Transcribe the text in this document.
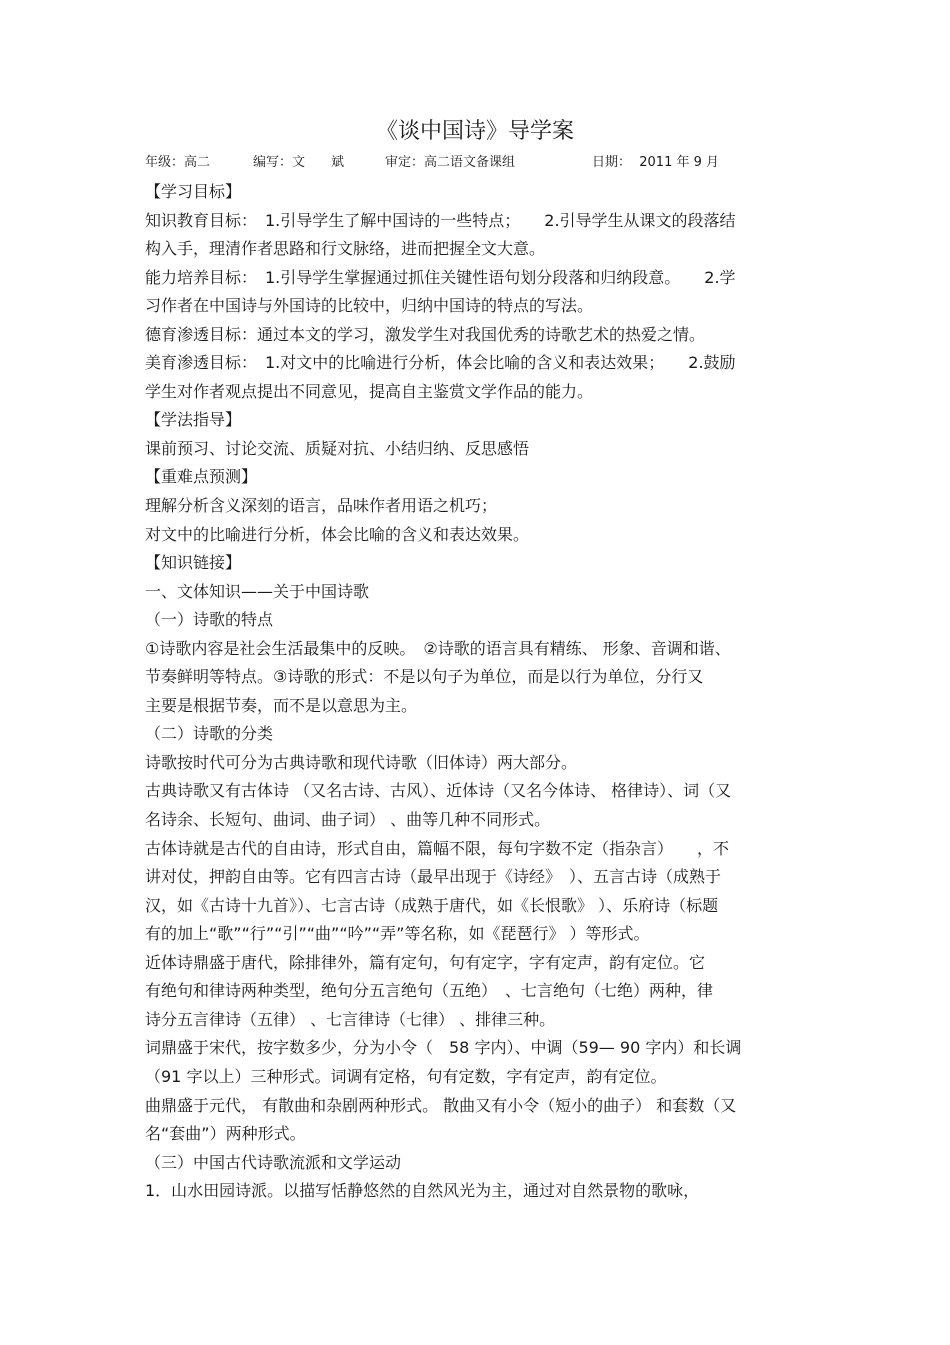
《谈中国诗》导学案

年级：高二

	编写：文　　斌

	审定：高二语文备课组

	日期：  2011 年 9 月

【学习目标】
知识教育目标：　1.引导学生了解中国诗的一些特点；　　2.引导学生从课文的段落结
构入手，理清作者思路和行文脉络，进而把握全文大意。
能力培养目标：　1.引导学生掌握通过抓住关键性语句划分段落和归纳段意。　　2.学
习作者在中国诗与外国诗的比较中，归纳中国诗的特点的写法。
德育渗透目标：通过本文的学习，激发学生对我国优秀的诗歌艺术的热爱之情。
美育渗透目标：　1.对文中的比喻进行分析，体会比喻的含义和表达效果；　　2.鼓励
学生对作者观点提出不同意见，提高自主鉴赏文学作品的能力。
【学法指导】
课前预习、讨论交流、质疑对抗、小结归纳、反思感悟
【重难点预测】
理解分析含义深刻的语言，品味作者用语之机巧；
对文中的比喻进行分析，体会比喻的含义和表达效果。
【知识链接】
一、文体知识——关于中国诗歌
（一）诗歌的特点
①诗歌内容是社会生活最集中的反映。　②诗歌的语言具有精练、 形象、音调和谐、
节奏鲜明等特点。③诗歌的形式：不是以句子为单位，而是以行为单位，分行又
主要是根据节奏，而不是以意思为主。
（二）诗歌的分类
诗歌按时代可分为古典诗歌和现代诗歌（旧体诗）两大部分。
古典诗歌又有古体诗 （又名古诗、古风）、近体诗（又名今体诗、 格律诗）、词（又
名诗余、长短句、曲词、曲子词） 、曲等几种不同形式。
古体诗就是古代的自由诗，形式自由，篇幅不限，每句字数不定（指杂言）　　，不
讲对仗，押韵自由等。它有四言古诗（最早出现于《诗经》　）、五言古诗（成熟于
汉，如《古诗十九首》）、七言古诗（成熟于唐代，如《长恨歌》 ）、乐府诗（标题
有的加上“歌”“行”“引”“曲”“吟”“弄”等名称，如《琵琶行》 ）等形式。
近体诗鼎盛于唐代，除排律外，篇有定句，句有定字，字有定声，韵有定位。它
有绝句和律诗两种类型，绝句分五言绝句（五绝）　、七言绝句（七绝）两种，律
诗分五言律诗（五律） 、七言律诗（七律） 、排律三种。
词鼎盛于宋代，按字数多少，分为小令（　58 字内）、中调（59— 90 字内）和长调
（91 字以上）三种形式。词调有定格，句有定数，字有定声，韵有定位。
曲鼎盛于元代， 有散曲和杂剧两种形式。 散曲又有小令（短小的曲子） 和套数（又
名“套曲”）两种形式。
（三）中国古代诗歌流派和文学运动
1．山水田园诗派。以描写恬静悠然的自然风光为主，通过对自然景物的歌咏，
